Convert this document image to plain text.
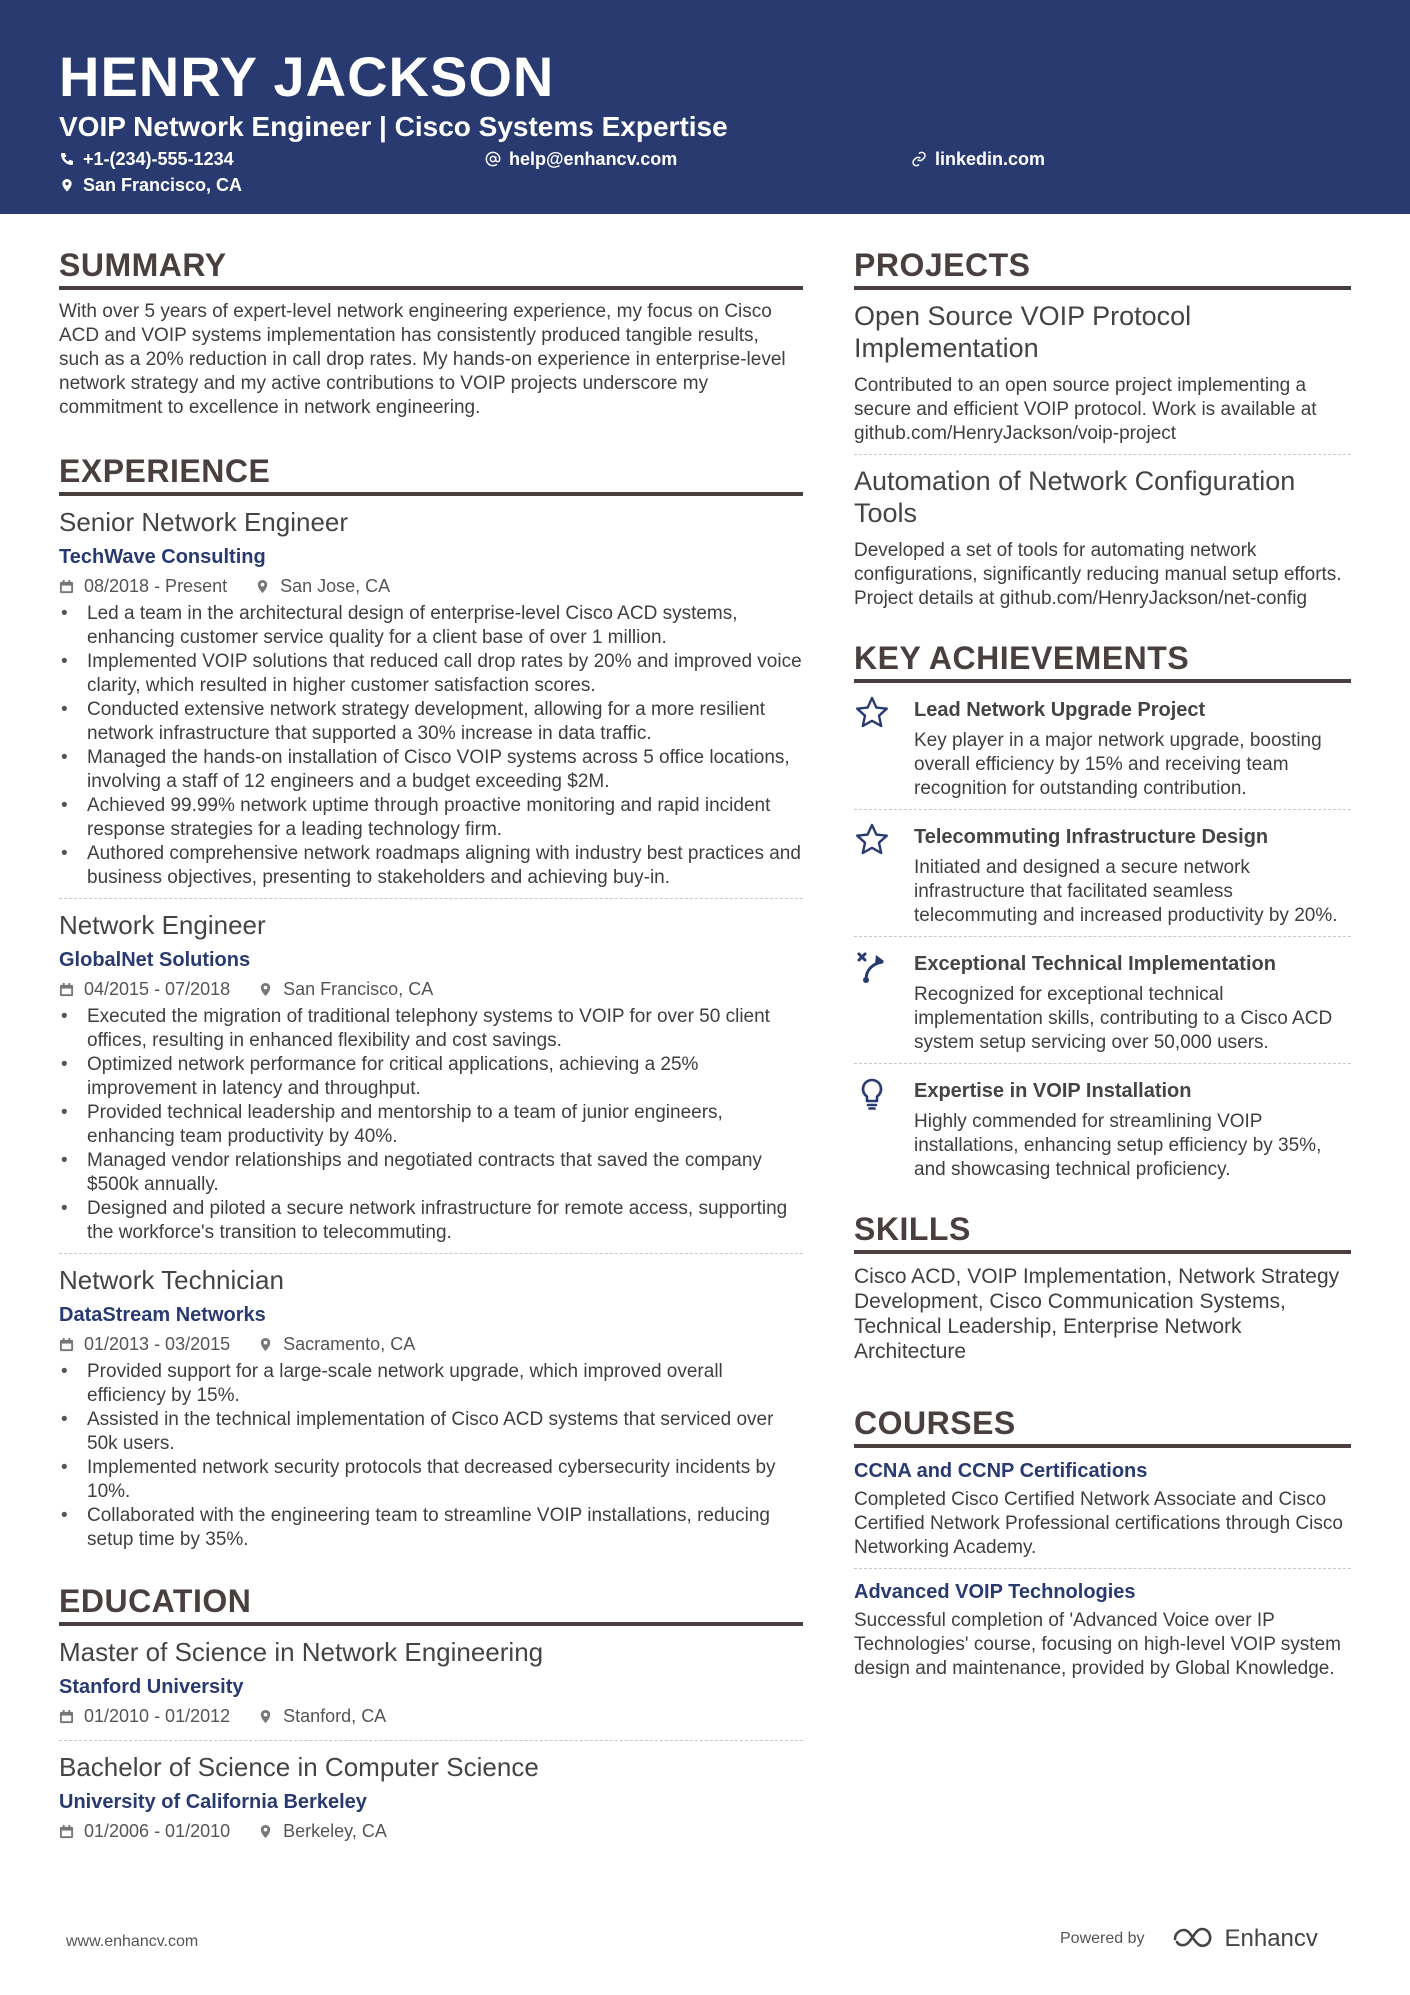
HENRY JACKSON
VOIP Network Engineer | Cisco Systems Expertise
+1-(234)-555-1234	help@enhancv.com	linkedin.com
San Francisco, CA
SUMMARY
With over 5 years of expert-level network engineering experience, my focus on Cisco ACD and VOIP systems implementation has consistently produced tangible results, such as a 20% reduction in call drop rates. My hands-on experience in enterprise-level network strategy and my active contributions to VOIP projects underscore my commitment to excellence in network engineering.
EXPERIENCE
Senior Network Engineer
TechWave Consulting
08/2018 - Present	San Jose, CA
• Led a team in the architectural design of enterprise-level Cisco ACD systems, enhancing customer service quality for a client base of over 1 million.
• Implemented VOIP solutions that reduced call drop rates by 20% and improved voice clarity, which resulted in higher customer satisfaction scores.
• Conducted extensive network strategy development, allowing for a more resilient network infrastructure that supported a 30% increase in data traffic.
• Managed the hands-on installation of Cisco VOIP systems across 5 office locations, involving a staff of 12 engineers and a budget exceeding $2M.
• Achieved 99.99% network uptime through proactive monitoring and rapid incident response strategies for a leading technology firm.
• Authored comprehensive network roadmaps aligning with industry best practices and business objectives, presenting to stakeholders and achieving buy-in.
Network Engineer
GlobalNet Solutions
04/2015 - 07/2018	San Francisco, CA
• Executed the migration of traditional telephony systems to VOIP for over 50 client offices, resulting in enhanced flexibility and cost savings.
• Optimized network performance for critical applications, achieving a 25% improvement in latency and throughput.
• Provided technical leadership and mentorship to a team of junior engineers, enhancing team productivity by 40%.
• Managed vendor relationships and negotiated contracts that saved the company $500k annually.
• Designed and piloted a secure network infrastructure for remote access, supporting the workforce's transition to telecommuting.
Network Technician
DataStream Networks
01/2013 - 03/2015	Sacramento, CA
• Provided support for a large-scale network upgrade, which improved overall efficiency by 15%.
• Assisted in the technical implementation of Cisco ACD systems that serviced over 50k users.
• Implemented network security protocols that decreased cybersecurity incidents by 10%.
• Collaborated with the engineering team to streamline VOIP installations, reducing setup time by 35%.
EDUCATION
Master of Science in Network Engineering
Stanford University
01/2010 - 01/2012	Stanford, CA
Bachelor of Science in Computer Science
University of California Berkeley
01/2006 - 01/2010	Berkeley, CA
PROJECTS
Open Source VOIP Protocol Implementation
Contributed to an open source project implementing a secure and efficient VOIP protocol. Work is available at github.com/HenryJackson/voip-project
Automation of Network Configuration Tools
Developed a set of tools for automating network configurations, significantly reducing manual setup efforts. Project details at github.com/HenryJackson/net-config
KEY ACHIEVEMENTS
Lead Network Upgrade Project
Key player in a major network upgrade, boosting overall efficiency by 15% and receiving team recognition for outstanding contribution.
Telecommuting Infrastructure Design
Initiated and designed a secure network infrastructure that facilitated seamless telecommuting and increased productivity by 20%.
Exceptional Technical Implementation
Recognized for exceptional technical implementation skills, contributing to a Cisco ACD system setup servicing over 50,000 users.
Expertise in VOIP Installation
Highly commended for streamlining VOIP installations, enhancing setup efficiency by 35%, and showcasing technical proficiency.
SKILLS
Cisco ACD, VOIP Implementation, Network Strategy Development, Cisco Communication Systems, Technical Leadership, Enterprise Network Architecture
COURSES
CCNA and CCNP Certifications
Completed Cisco Certified Network Associate and Cisco Certified Network Professional certifications through Cisco Networking Academy.
Advanced VOIP Technologies
Successful completion of 'Advanced Voice over IP Technologies' course, focusing on high-level VOIP system design and maintenance, provided by Global Knowledge.
www.enhancv.com	Powered by	Enhancv
